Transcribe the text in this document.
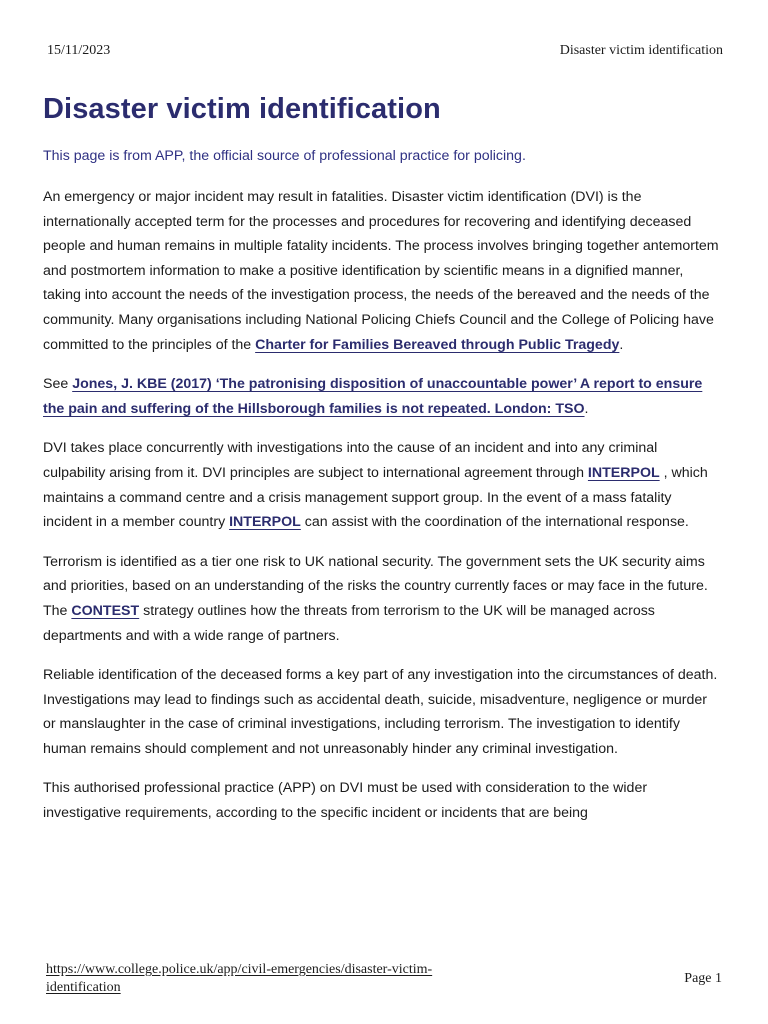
15/11/2023	Disaster victim identification
Disaster victim identification

This page is from APP, the official source of professional practice for policing.

An emergency or major incident may result in fatalities. Disaster victim identification (DVI) is the internationally accepted term for the processes and procedures for recovering and identifying deceased people and human remains in multiple fatality incidents. The process involves bringing together antemortem and postmortem information to make a positive identification by scientific means in a dignified manner, taking into account the needs of the investigation process, the needs of the bereaved and the needs of the community. Many organisations including National Policing Chiefs Council and the College of Policing have committed to the principles of the Charter for Families Bereaved through Public Tragedy.

See Jones, J. KBE (2017) ‘The patronising disposition of unaccountable power’ A report to ensure the pain and suffering of the Hillsborough families is not repeated. London: TSO.

DVI takes place concurrently with investigations into the cause of an incident and into any criminal culpability arising from it. DVI principles are subject to international agreement through INTERPOL , which maintains a command centre and a crisis management support group. In the event of a mass fatality incident in a member country INTERPOL can assist with the coordination of the international response.

Terrorism is identified as a tier one risk to UK national security. The government sets the UK security aims and priorities, based on an understanding of the risks the country currently faces or may face in the future. The CONTEST strategy outlines how the threats from terrorism to the UK will be managed across departments and with a wide range of partners.

Reliable identification of the deceased forms a key part of any investigation into the circumstances of death. Investigations may lead to findings such as accidental death, suicide, misadventure, negligence or murder or manslaughter in the case of criminal investigations, including terrorism. The investigation to identify human remains should complement and not unreasonably hinder any criminal investigation.

This authorised professional practice (APP) on DVI must be used with consideration to the wider investigative requirements, according to the specific incident or incidents that are being

https://www.college.police.uk/app/civil-emergencies/disaster-victim-identification
Page 1
